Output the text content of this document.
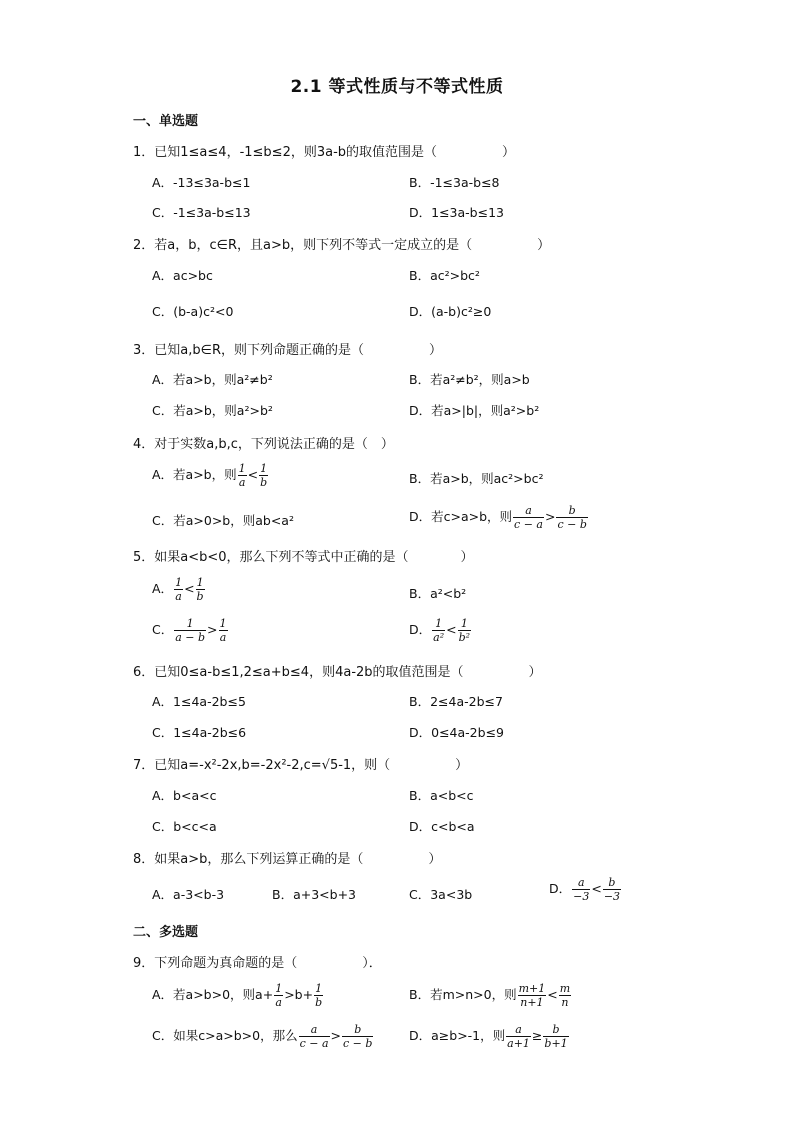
2.1 等式性质与不等式性质
一、单选题
1．已知1≤a≤4，-1≤b≤2，则3a-b的取值范围是（　　　　　）
A．-13≤3a-b≤1	B．-1≤3a-b≤8
C．-1≤3a-b≤13	D．1≤3a-b≤13
2．若a，b，c∈R，且a>b，则下列不等式一定成立的是（　　　　　）
A．ac>bc	B．ac²>bc²
C．(b-a)c²<0	D．(a-b)c²≥0
3．已知a,b∈R，则下列命题正确的是（　　　　　）
A．若a>b，则a²≠b²	B．若a²≠b²，则a>b
C．若a>b，则a²>b²	D．若a>|b|，则a²>b²
4．对于实数a,b,c，下列说法正确的是（　）
A．若a>b，则 $\frac{1}{a} < \frac{1}{b}$	B．若a>b，则ac²>bc²
C．若a>0>b，则ab<a²	D．若c>a>b，则 $\frac{a}{c - a} > \frac{b}{c - b}$
5．如果a<b<0，那么下列不等式中正确的是（　　　　）
A． $\frac{1}{a} < \frac{1}{b}$	B．a²<b²
C． $\frac{1}{a - b} > \frac{1}{a}$	D． $\frac{1}{\text{a²}} < \frac{1}{\text{b²}}$
6．已知0≤a-b≤1,2≤a+b≤4，则4a-2b的取值范围是（　　　　　）
A．1≤4a-2b≤5	B．2≤4a-2b≤7
C．1≤4a-2b≤6	D．0≤4a-2b≤9
7．已知a=-x²-2x,b=-2x²-2,c=√5-1，则（　　　　　）
A．b<a<c	B．a<b<c
C．b<c<a	D．c<b<a
8．如果a>b，那么下列运算正确的是（　　　　　）
A．a-3<b-3	B．a+3<b+3	C．3a<3b	D． $\frac{a}{-3} < \frac{b}{-3}$
二、多选题
9．下列命题为真命题的是（　　　　　）．
A．若a>b>0，则$a+ \frac{1}{a} >b+ \frac{1}{b}$	B．若m>n>0，则 $\frac{m+1}{n+1} < \frac{m}{n}$
C．如果c>a>b>0，那么 $\frac{a}{c - a} > \frac{b}{c - b}$	D．a≥b>-1，则 $\frac{a}{a+1} \ge \frac{b}{b+1}$
